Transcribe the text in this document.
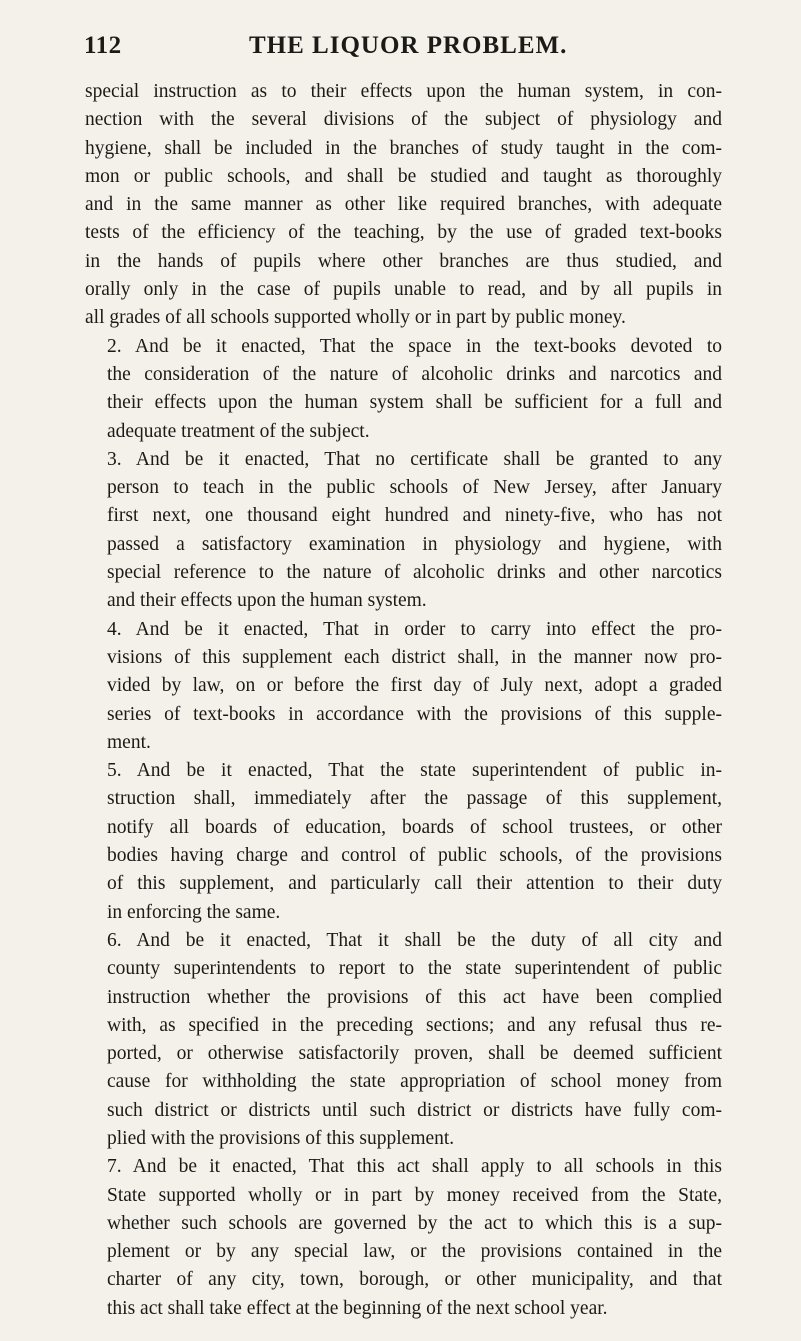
112	THE LIQUOR PROBLEM.

special instruction as to their effects upon the human system, in con-
nection with the several divisions of the subject of physiology and
hygiene, shall be included in the branches of study taught in the com-
mon or public schools, and shall be studied and taught as thoroughly
and in the same manner as other like required branches, with adequate
tests of the efficiency of the teaching, by the use of graded text-books
in the hands of pupils where other branches are thus studied, and
orally only in the case of pupils unable to read, and by all pupils in
all grades of all schools supported wholly or in part by public money.

2. And be it enacted, That the space in the text-books devoted to
the consideration of the nature of alcoholic drinks and narcotics and
their effects upon the human system shall be sufficient for a full and
adequate treatment of the subject.

3. And be it enacted, That no certificate shall be granted to any
person to teach in the public schools of New Jersey, after January
first next, one thousand eight hundred and ninety-five, who has not
passed a satisfactory examination in physiology and hygiene, with
special reference to the nature of alcoholic drinks and other narcotics
and their effects upon the human system.

4. And be it enacted, That in order to carry into effect the pro-
visions of this supplement each district shall, in the manner now pro-
vided by law, on or before the first day of July next, adopt a graded
series of text-books in accordance with the provisions of this supple-
ment.

5. And be it enacted, That the state superintendent of public in-
struction shall, immediately after the passage of this supplement,
notify all boards of education, boards of school trustees, or other
bodies having charge and control of public schools, of the provisions
of this supplement, and particularly call their attention to their duty
in enforcing the same.

6. And be it enacted, That it shall be the duty of all city and
county superintendents to report to the state superintendent of public
instruction whether the provisions of this act have been complied
with, as specified in the preceding sections; and any refusal thus re-
ported, or otherwise satisfactorily proven, shall be deemed sufficient
cause for withholding the state appropriation of school money from
such district or districts until such district or districts have fully com-
plied with the provisions of this supplement.

7. And be it enacted, That this act shall apply to all schools in this
State supported wholly or in part by money received from the State,
whether such schools are governed by the act to which this is a sup-
plement or by any special law, or the provisions contained in the
charter of any city, town, borough, or other municipality, and that
this act shall take effect at the beginning of the next school year.
